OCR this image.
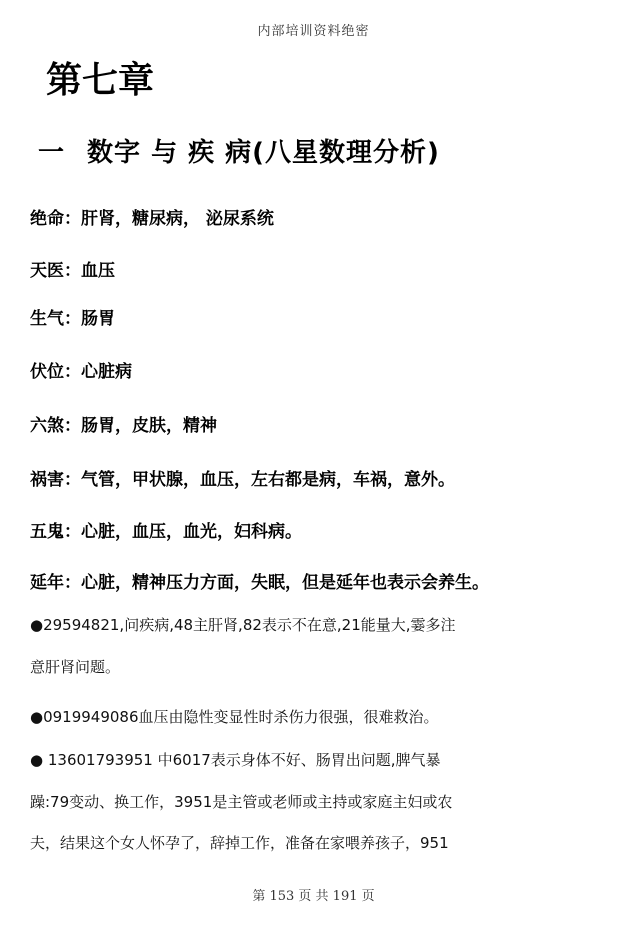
内部培训资料绝密
第七章
一 数字 与 疾 病(八星数理分析)
绝命：肝肾，糖尿病， 泌尿系统
天医：血压
生气：肠胃
伏位：心脏病
六煞：肠胃，皮肤，精神
祸害：气管，甲状腺，血压，左右都是病，车祸，意外。
五鬼：心脏，血压，血光，妇科病。
延年：心脏，精神压力方面，失眠，但是延年也表示会养生。
●29594821,问疾病,48主肝肾,82表示不在意,21能量大,霎多注
意肝肾问题。
●0919949086血压由隐性变显性时杀伤力很强，很难救治。
● 13601793951 中6017表示身体不好、肠胃出问题,脾气暴
躁:79变动、换工作，3951是主管或老师或主持或家庭主妇或农
夫，结果这个女人怀孕了，辞掉工作，准备在家喂养孩子，951
第 153 页 共 191 页
